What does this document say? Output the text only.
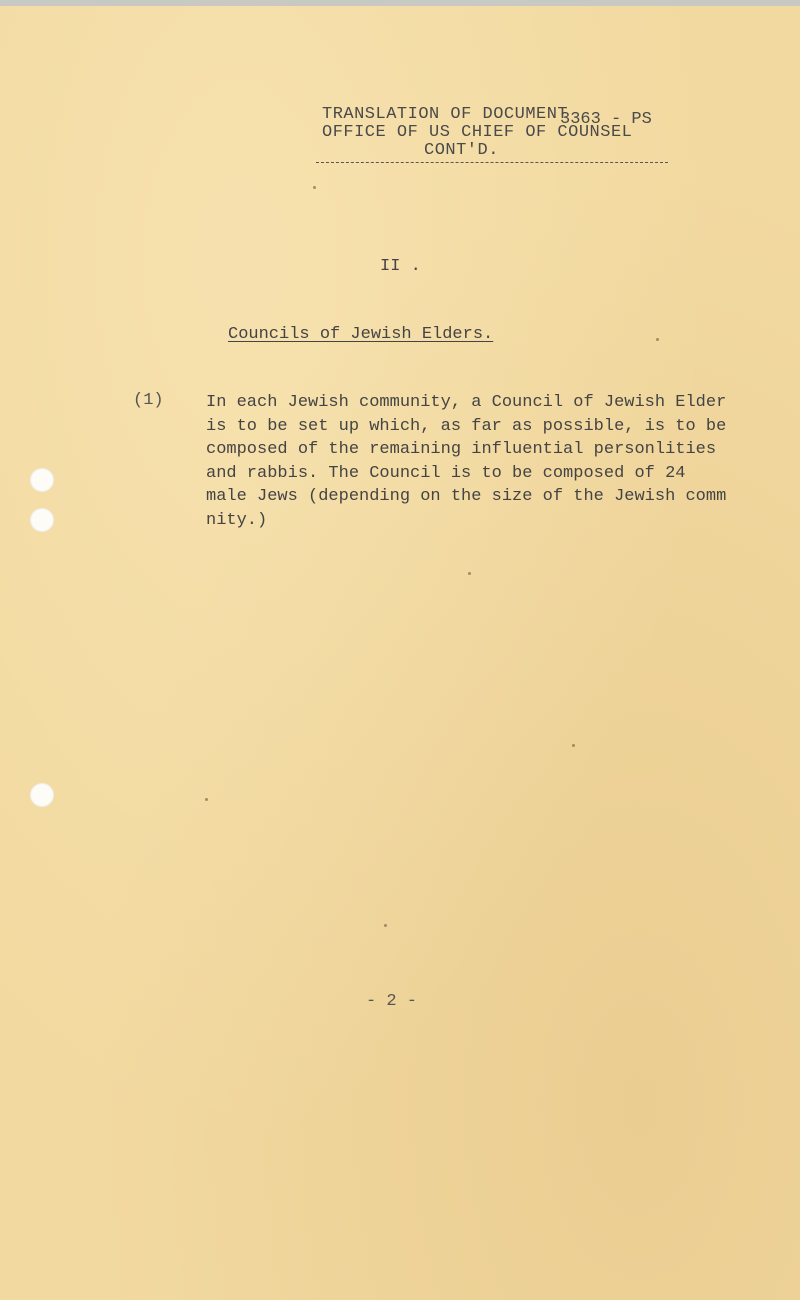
TRANSLATION OF DOCUMENT
OFFICE OF US CHIEF OF COUNSEL
CONT'D.
3363 - PS
II .
Councils of Jewish Elders.
(1) In each Jewish community, a Council of Jewish Elder
is to be set up which, as far as possible, is to be
composed of the remaining influential personlities
and rabbis. The Council is to be composed of 24
male Jews (depending on the size of the Jewish comm
nity.)
- 2 -
